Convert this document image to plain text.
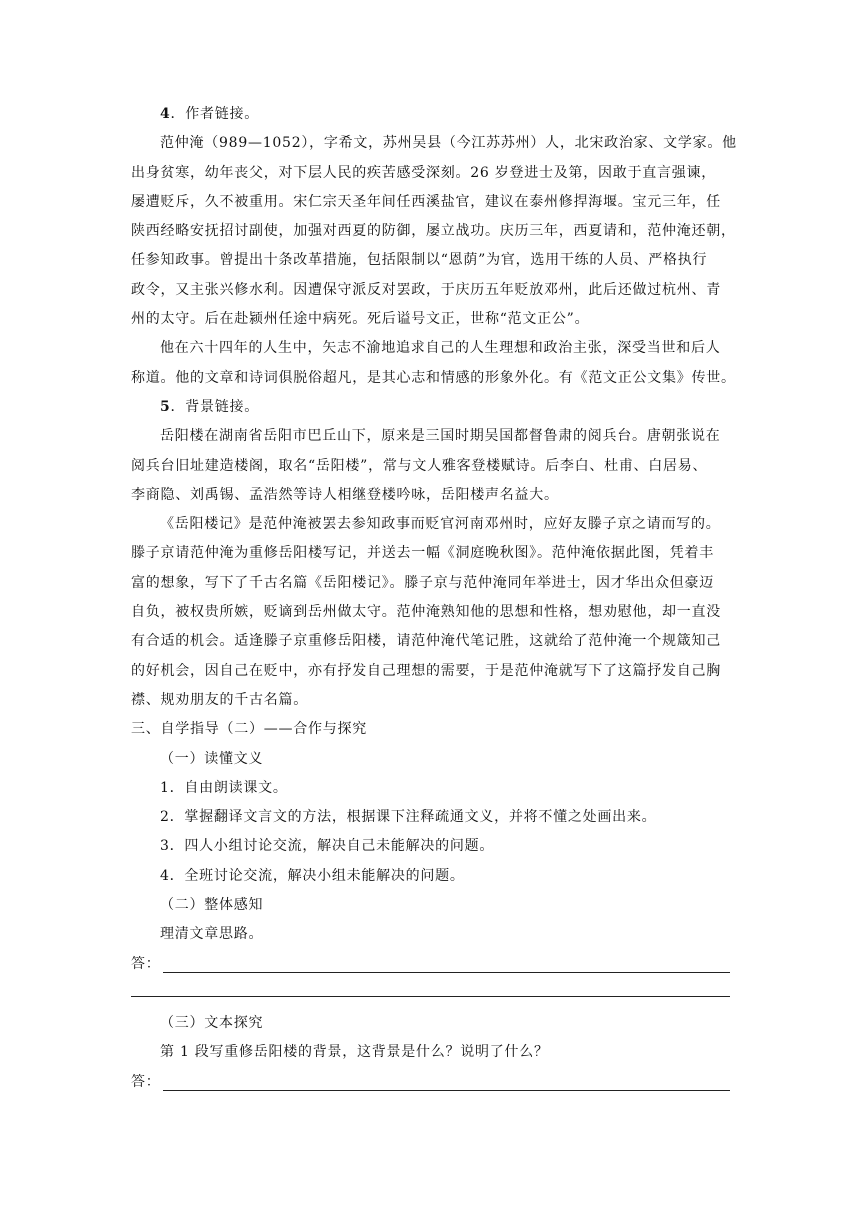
4．作者链接。
范仲淹（989—1052），字希文，苏州吴县（今江苏苏州）人，北宋政治家、文学家。他
出身贫寒，幼年丧父，对下层人民的疾苦感受深刻。26 岁登进士及第，因敢于直言强谏，
屡遭贬斥，久不被重用。宋仁宗天圣年间任西溪盐官，建议在泰州修捍海堰。宝元三年，任
陕西经略安抚招讨副使，加强对西夏的防御，屡立战功。庆历三年，西夏请和，范仲淹还朝，
任参知政事。曾提出十条改革措施，包括限制以“恩荫”为官，选用干练的人员、严格执行
政令，又主张兴修水利。因遭保守派反对罢政，于庆历五年贬放邓州，此后还做过杭州、青
州的太守。后在赴颍州任途中病死。死后谥号文正，世称“范文正公”。
他在六十四年的人生中，矢志不渝地追求自己的人生理想和政治主张，深受当世和后人
称道。他的文章和诗词俱脱俗超凡，是其心志和情感的形象外化。有《范文正公文集》传世。
5．背景链接。
岳阳楼在湖南省岳阳市巴丘山下，原来是三国时期吴国都督鲁肃的阅兵台。唐朝张说在
阅兵台旧址建造楼阁，取名“岳阳楼”，常与文人雅客登楼赋诗。后李白、杜甫、白居易、
李商隐、刘禹锡、孟浩然等诗人相继登楼吟咏，岳阳楼声名益大。
《岳阳楼记》是范仲淹被罢去参知政事而贬官河南邓州时，应好友滕子京之请而写的。
滕子京请范仲淹为重修岳阳楼写记，并送去一幅《洞庭晚秋图》。范仲淹依据此图，凭着丰
富的想象，写下了千古名篇《岳阳楼记》。滕子京与范仲淹同年举进士，因才华出众但豪迈
自负，被权贵所嫉，贬谪到岳州做太守。范仲淹熟知他的思想和性格，想劝慰他，却一直没
有合适的机会。适逢滕子京重修岳阳楼，请范仲淹代笔记胜，这就给了范仲淹一个规箴知己
的好机会，因自己在贬中，亦有抒发自己理想的需要，于是范仲淹就写下了这篇抒发自己胸
襟、规劝朋友的千古名篇。
三、自学指导（二）——合作与探究
（一）读懂文义
1．自由朗读课文。
2．掌握翻译文言文的方法，根据课下注释疏通文义，并将不懂之处画出来。
3．四人小组讨论交流，解决自己未能解决的问题。
4．全班讨论交流，解决小组未能解决的问题。
（二）整体感知
理清文章思路。
答：
（三）文本探究
第 1 段写重修岳阳楼的背景，这背景是什么？说明了什么？
答：
